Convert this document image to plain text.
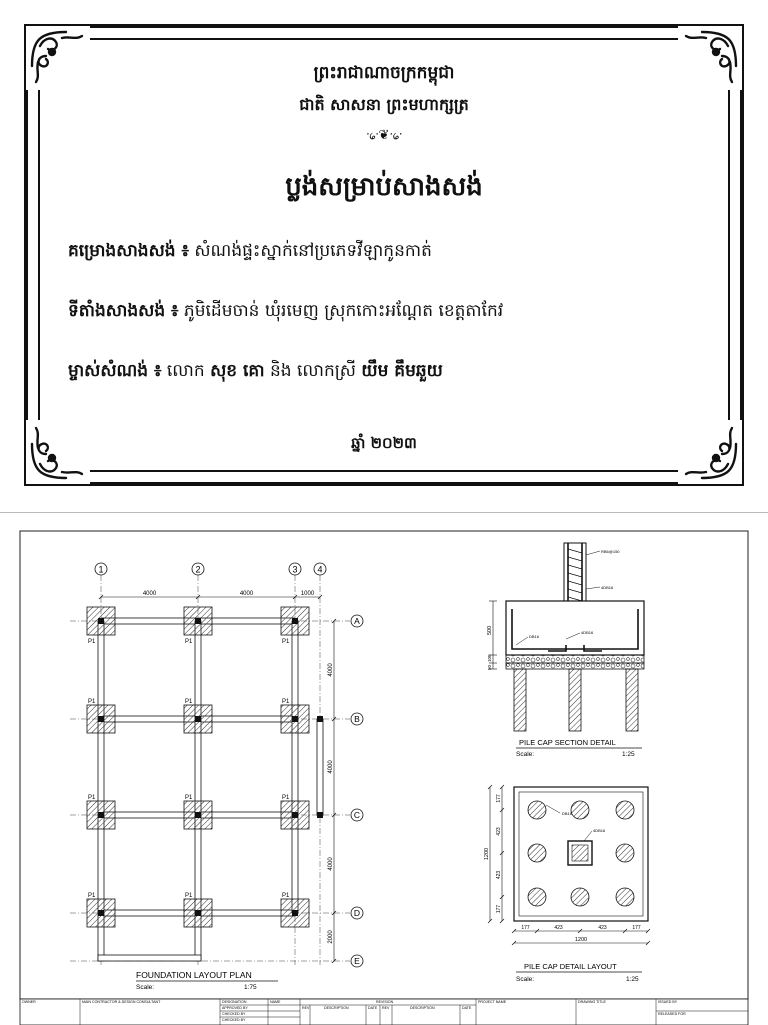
ព្រះរាជាណាចក្រកម្ពុជា
ជាតិ សាសនា ព្រះមហាក្សត្រ
ᐧ᥀ᐧ❦ᐧ᥀ᐧ
ប្លង់សម្រាប់សាងសង់
គម្រោងសាងសង់ ៖ សំណង់ផ្ទះស្នាក់នៅប្រភេទវីឡាកូនកាត់
ទីតាំងសាងសង់ ៖ ភូមិដើមចាន់ ឃុំរមេញ ស្រុកកោះអណ្តែត ខេត្តតាកែវ
ម្ចាស់សំណង់ ៖ លោក សុខ គោ និង លោកស្រី យឹម គឹមឆួយ
ឆ្នាំ ២០២៣
1	2	3 4
A
B
C
D
E
4000	4000	1000
4000
4000
4000
2000
P1	P1	P1
P1	P1	P1
P1	P1	P1
P1	P1	P1
FOUNDATION LAYOUT PLAN
Scale:	1:75
500
100
50
RB6@150
4DB16
DB16
4DB16
PILE CAP SECTION DETAIL
Scale:	1:25
4DB16
DB16
177	423	423	177
1200
177
423
423
177
1200
PILE CAP DETAIL LAYOUT
Scale:	1:25
OWNER	MAIN CONTRACTOR & DESIGN CONSULTANT	DESIGNATION	NAME
APPROVED BY
CHECKED BY
CHECKED BY
REVISION
REV	DESCRIPTION	DATE REV	DESCRIPTION	DATE
PROJECT NAME	DRAWING TITLE	ISSUED BY
RELEASED FOR
